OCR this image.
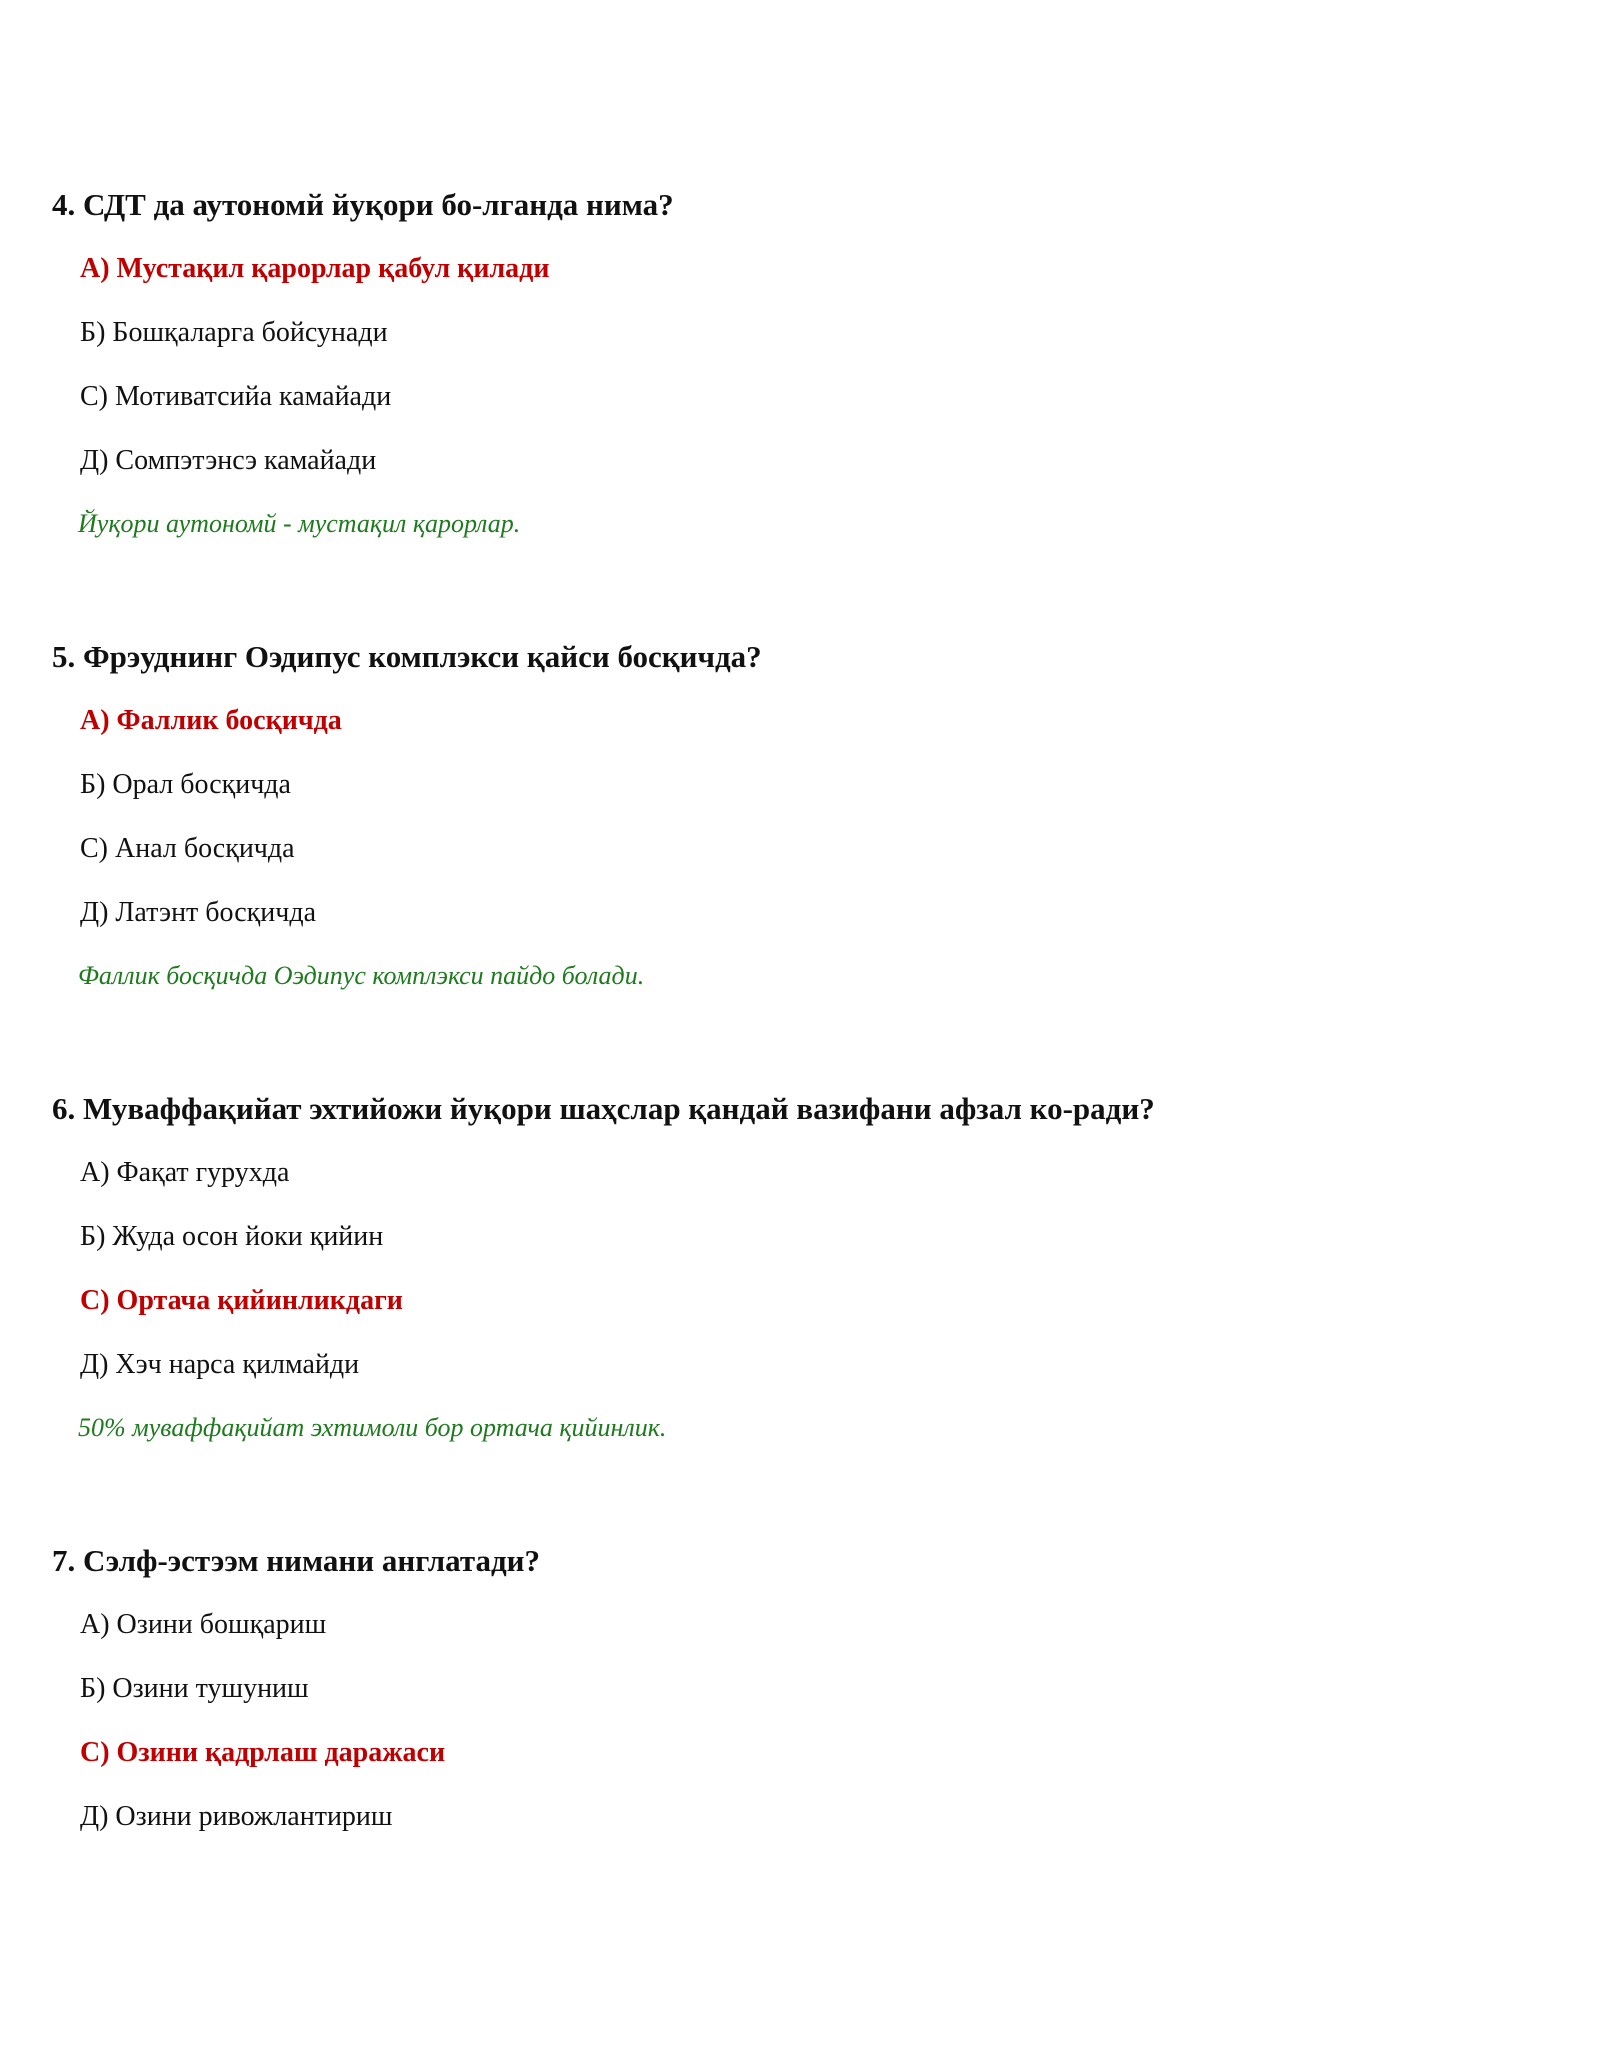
4. СДТ да аутономй йуқори бо-лганда нима?
А) Мустақил қарорлар қабул қилади
Б) Бошқаларга бойсунади
С) Мотиватсийа камайади
Д) Сомпэтэнсэ камайади
Йуқори аутономй - мустақил қарорлар.
5. Фрэуднинг Оэдипус комплэкси қайси босқичда?
А) Фаллик босқичда
Б) Орал босқичда
С) Анал босқичда
Д) Латэнт босқичда
Фаллик босқичда Оэдипус комплэкси пайдо болади.
6. Муваффақийат эхтийожи йуқори шаҳслар қандай вазифани афзал ко-ради?
А) Фақат гурухда
Б) Жуда осон йоки қийин
С) Ортача қийинликдаги
Д) Хэч нарса қилмайди
50% муваффақийат эхтимоли бор ортача қийинлик.
7. Сэлф-эстээм нимани англатади?
А) Озини бошқариш
Б) Озини тушуниш
С) Озини қадрлаш даражаси
Д) Озини ривожлантириш
